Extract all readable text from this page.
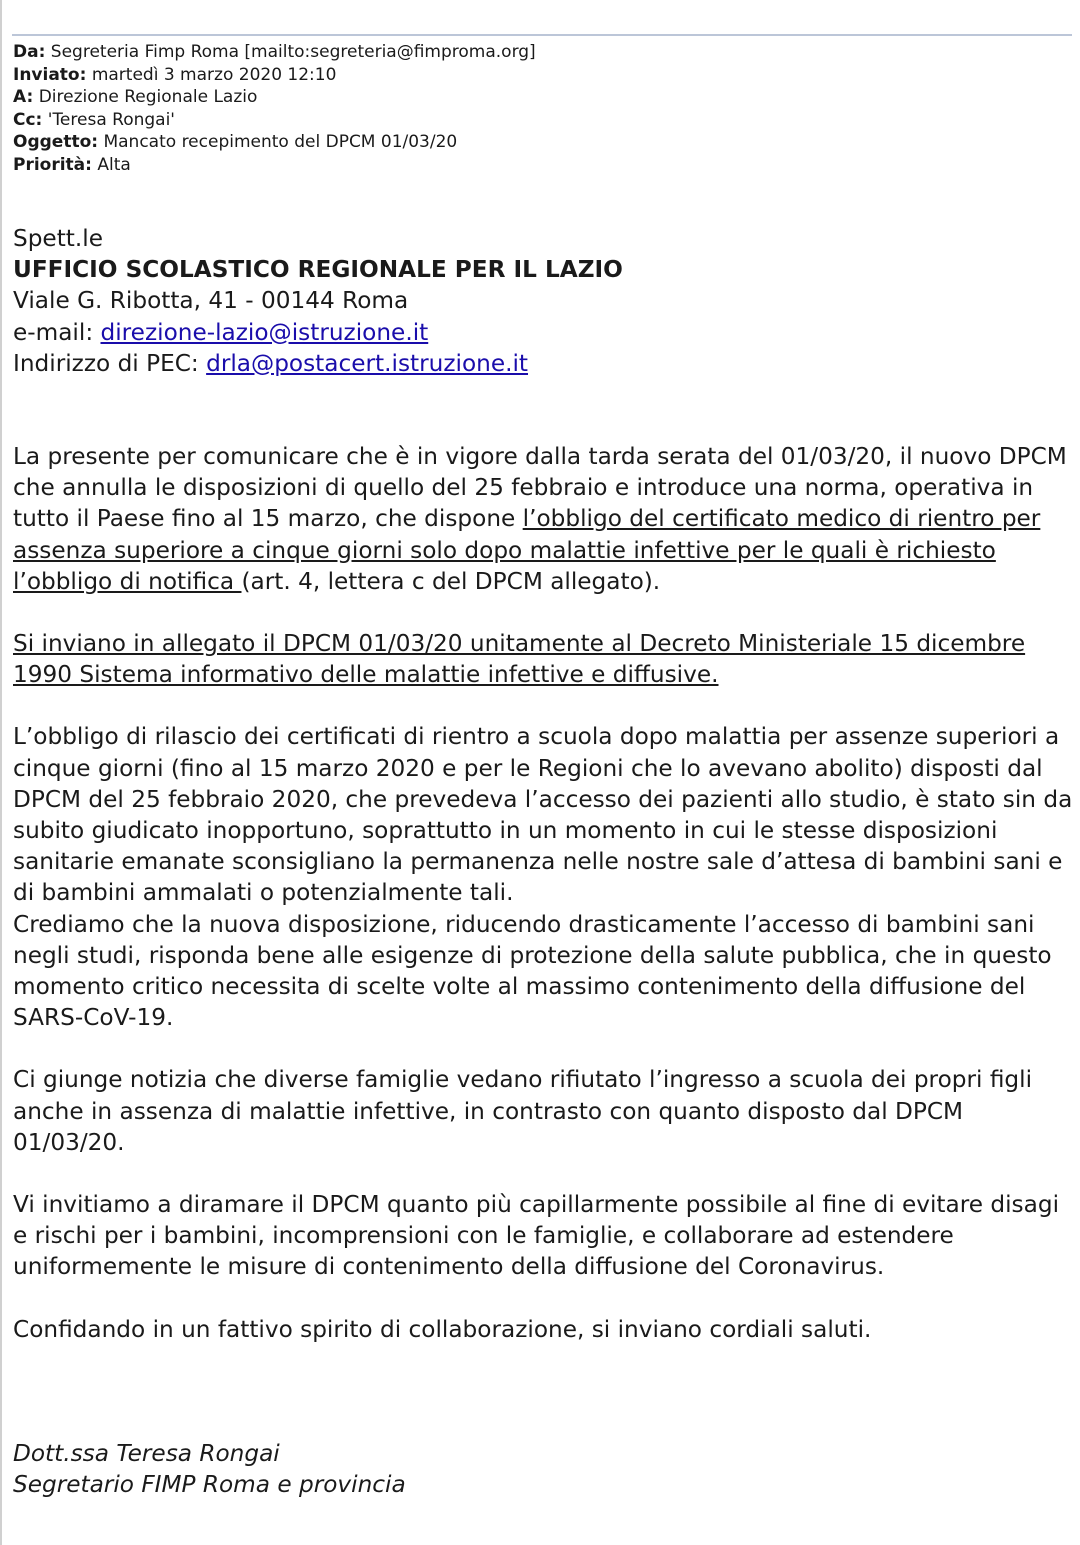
Da: Segreteria Fimp Roma [mailto:segreteria@fimproma.org]
Inviato: martedì 3 marzo 2020 12:10
A: Direzione Regionale Lazio
Cc: 'Teresa Rongai'
Oggetto: Mancato recepimento del DPCM 01/03/20
Priorità: Alta

Spett.le

UFFICIO SCOLASTICO REGIONALE PER IL LAZIO

Viale G. Ribotta, 41 - 00144 Roma

e-mail: direzione-lazio@istruzione.it

Indirizzo di PEC: drla@postacert.istruzione.it

La presente per comunicare che è in vigore dalla tarda serata del 01/03/20, il nuovo DPCM che annulla le disposizioni di quello del 25 febbraio e introduce una norma, operativa in tutto il Paese fino al 15 marzo, che dispone l’obbligo del certificato medico di rientro per assenza superiore a cinque giorni solo dopo malattie infettive per le quali è richiesto l’obbligo di notifica (art. 4, lettera c del DPCM allegato).

Si inviano in allegato il DPCM 01/03/20 unitamente al Decreto Ministeriale 15 dicembre 1990 Sistema informativo delle malattie infettive e diffusive.

L’obbligo di rilascio dei certificati di rientro a scuola dopo malattia per assenze superiori a cinque giorni (fino al 15 marzo 2020 e per le Regioni che lo avevano abolito) disposti dal DPCM del 25 febbraio 2020, che prevedeva l’accesso dei pazienti allo studio, è stato sin da subito giudicato inopportuno, soprattutto in un momento in cui le stesse disposizioni sanitarie emanate sconsigliano la permanenza nelle nostre sale d’attesa di bambini sani e di bambini ammalati o potenzialmente tali.

Crediamo che la nuova disposizione, riducendo drasticamente l’accesso di bambini sani negli studi, risponda bene alle esigenze di protezione della salute pubblica, che in questo momento critico necessita di scelte volte al massimo contenimento della diffusione del SARS-CoV-19.

Ci giunge notizia che diverse famiglie vedano rifiutato l’ingresso a scuola dei propri figli anche in assenza di malattie infettive, in contrasto con quanto disposto dal DPCM 01/03/20.

Vi invitiamo a diramare il DPCM quanto più capillarmente possibile al fine di evitare disagi e rischi per i bambini, incomprensioni con le famiglie, e collaborare ad estendere uniformemente le misure di contenimento della diffusione del Coronavirus.

Confidando in un fattivo spirito di collaborazione, si inviano cordiali saluti.

Dott.ssa Teresa Rongai

Segretario FIMP Roma e provincia
